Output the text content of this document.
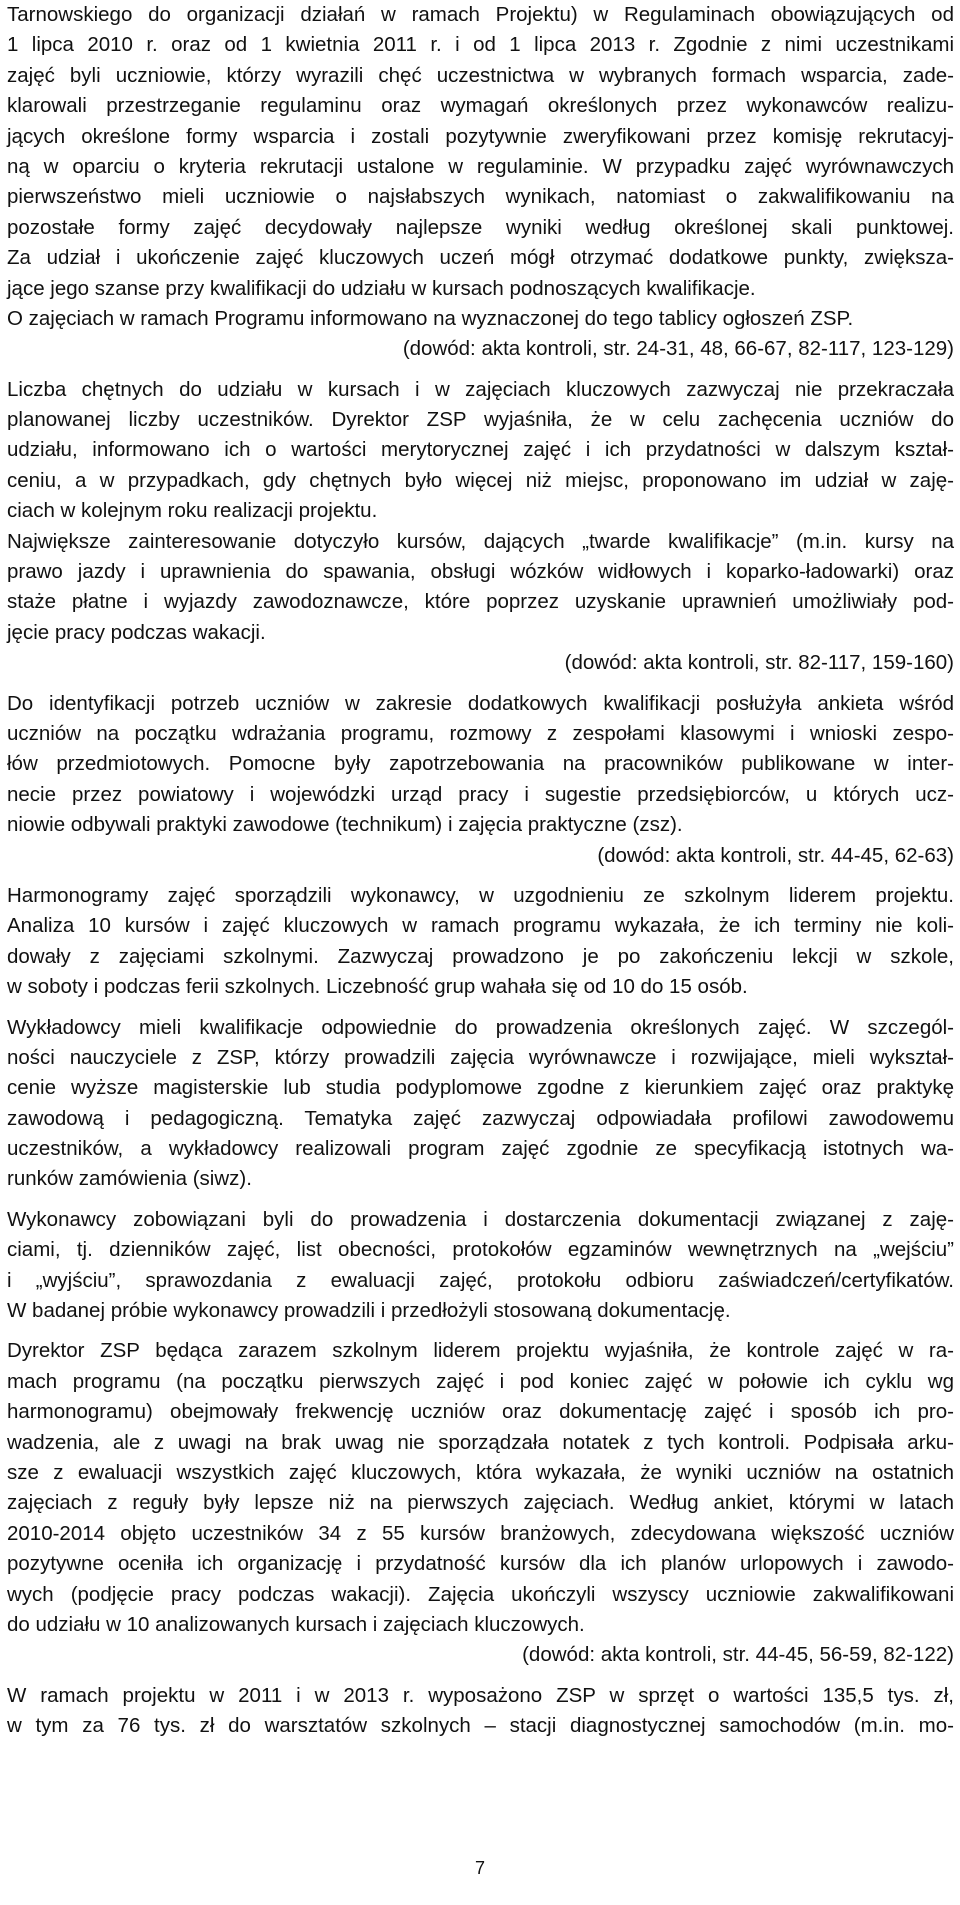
Tarnowskiego do organizacji działań w ramach Projektu) w Regulaminach obowiązujących od
1 lipca 2010 r. oraz od 1 kwietnia 2011 r. i od 1 lipca 2013 r. Zgodnie z nimi uczestnikami
zajęć byli uczniowie, którzy wyrazili chęć uczestnictwa w wybranych formach wsparcia, zade-
klarowali przestrzeganie regulaminu oraz wymagań określonych przez wykonawców realizu-
jących określone formy wsparcia i zostali pozytywnie zweryfikowani przez komisję rekrutacyj-
ną w oparciu o kryteria rekrutacji ustalone w regulaminie. W przypadku zajęć wyrównawczych
pierwszeństwo mieli uczniowie o najsłabszych wynikach, natomiast o zakwalifikowaniu na
pozostałe formy zajęć decydowały najlepsze wyniki według określonej skali punktowej.
Za udział i ukończenie zajęć kluczowych uczeń mógł otrzymać dodatkowe punkty, zwiększa-
jące jego szanse przy kwalifikacji do udziału w kursach podnoszących kwalifikacje.
O zajęciach w ramach Programu informowano na wyznaczonej do tego tablicy ogłoszeń ZSP.
(dowód: akta kontroli, str. 24-31, 48, 66-67, 82-117, 123-129)
Liczba chętnych do udziału w kursach i w zajęciach kluczowych zazwyczaj nie przekraczała
planowanej liczby uczestników. Dyrektor ZSP wyjaśniła, że w celu zachęcenia uczniów do
udziału, informowano ich o wartości merytorycznej zajęć i ich przydatności w dalszym kształ-
ceniu, a w przypadkach, gdy chętnych było więcej niż miejsc, proponowano im udział w zaję-
ciach w kolejnym roku realizacji projektu.
Największe zainteresowanie dotyczyło kursów, dających „twarde kwalifikacje” (m.in. kursy na
prawo jazdy i uprawnienia do spawania, obsługi wózków widłowych i koparko-ładowarki) oraz
staże płatne i wyjazdy zawodoznawcze, które poprzez uzyskanie uprawnień umożliwiały pod-
jęcie pracy podczas wakacji.
(dowód: akta kontroli, str. 82-117, 159-160)
Do identyfikacji potrzeb uczniów w zakresie dodatkowych kwalifikacji posłużyła ankieta wśród
uczniów na początku wdrażania programu, rozmowy z zespołami klasowymi i wnioski zespo-
łów przedmiotowych. Pomocne były zapotrzebowania na pracowników publikowane w inter-
necie przez powiatowy i wojewódzki urząd pracy i sugestie przedsiębiorców, u których ucz-
niowie odbywali praktyki zawodowe (technikum) i zajęcia praktyczne (zsz).
(dowód: akta kontroli, str. 44-45, 62-63)
Harmonogramy zajęć sporządzili wykonawcy, w uzgodnieniu ze szkolnym liderem projektu.
Analiza 10 kursów i zajęć kluczowych w ramach programu wykazała, że ich terminy nie koli-
dowały z zajęciami szkolnymi. Zazwyczaj prowadzono je po zakończeniu lekcji w szkole,
w soboty i podczas ferii szkolnych. Liczebność grup wahała się od 10 do 15 osób.
Wykładowcy mieli kwalifikacje odpowiednie do prowadzenia określonych zajęć. W szczegól-
ności nauczyciele z ZSP, którzy prowadzili zajęcia wyrównawcze i rozwijające, mieli wykształ-
cenie wyższe magisterskie lub studia podyplomowe zgodne z kierunkiem zajęć oraz praktykę
zawodową i pedagogiczną. Tematyka zajęć zazwyczaj odpowiadała profilowi zawodowemu
uczestników, a wykładowcy realizowali program zajęć zgodnie ze specyfikacją istotnych wa-
runków zamówienia (siwz).
Wykonawcy zobowiązani byli do prowadzenia i dostarczenia dokumentacji związanej z zaję-
ciami, tj. dzienników zajęć, list obecności, protokołów egzaminów wewnętrznych na „wejściu”
i „wyjściu”, sprawozdania z ewaluacji zajęć, protokołu odbioru zaświadczeń/certyfikatów.
W badanej próbie wykonawcy prowadzili i przedłożyli stosowaną dokumentację.
Dyrektor ZSP będąca zarazem szkolnym liderem projektu wyjaśniła, że kontrole zajęć w ra-
mach programu (na początku pierwszych zajęć i pod koniec zajęć w połowie ich cyklu wg
harmonogramu) obejmowały frekwencję uczniów oraz dokumentację zajęć i sposób ich pro-
wadzenia, ale z uwagi na brak uwag nie sporządzała notatek z tych kontroli. Podpisała arku-
sze z ewaluacji wszystkich zajęć kluczowych, która wykazała, że wyniki uczniów na ostatnich
zajęciach z reguły były lepsze niż na pierwszych zajęciach. Według ankiet, którymi w latach
2010-2014 objęto uczestników 34 z 55 kursów branżowych, zdecydowana większość uczniów
pozytywne oceniła ich organizację i przydatność kursów dla ich planów urlopowych i zawodo-
wych (podjęcie pracy podczas wakacji). Zajęcia ukończyli wszyscy uczniowie zakwalifikowani
do udziału w 10 analizowanych kursach i zajęciach kluczowych.
(dowód: akta kontroli, str. 44-45, 56-59, 82-122)
W ramach projektu w 2011 i w 2013 r. wyposażono ZSP w sprzęt o wartości 135,5 tys. zł,
w tym za 76 tys. zł do warsztatów szkolnych – stacji diagnostycznej samochodów (m.in. mo-
7
